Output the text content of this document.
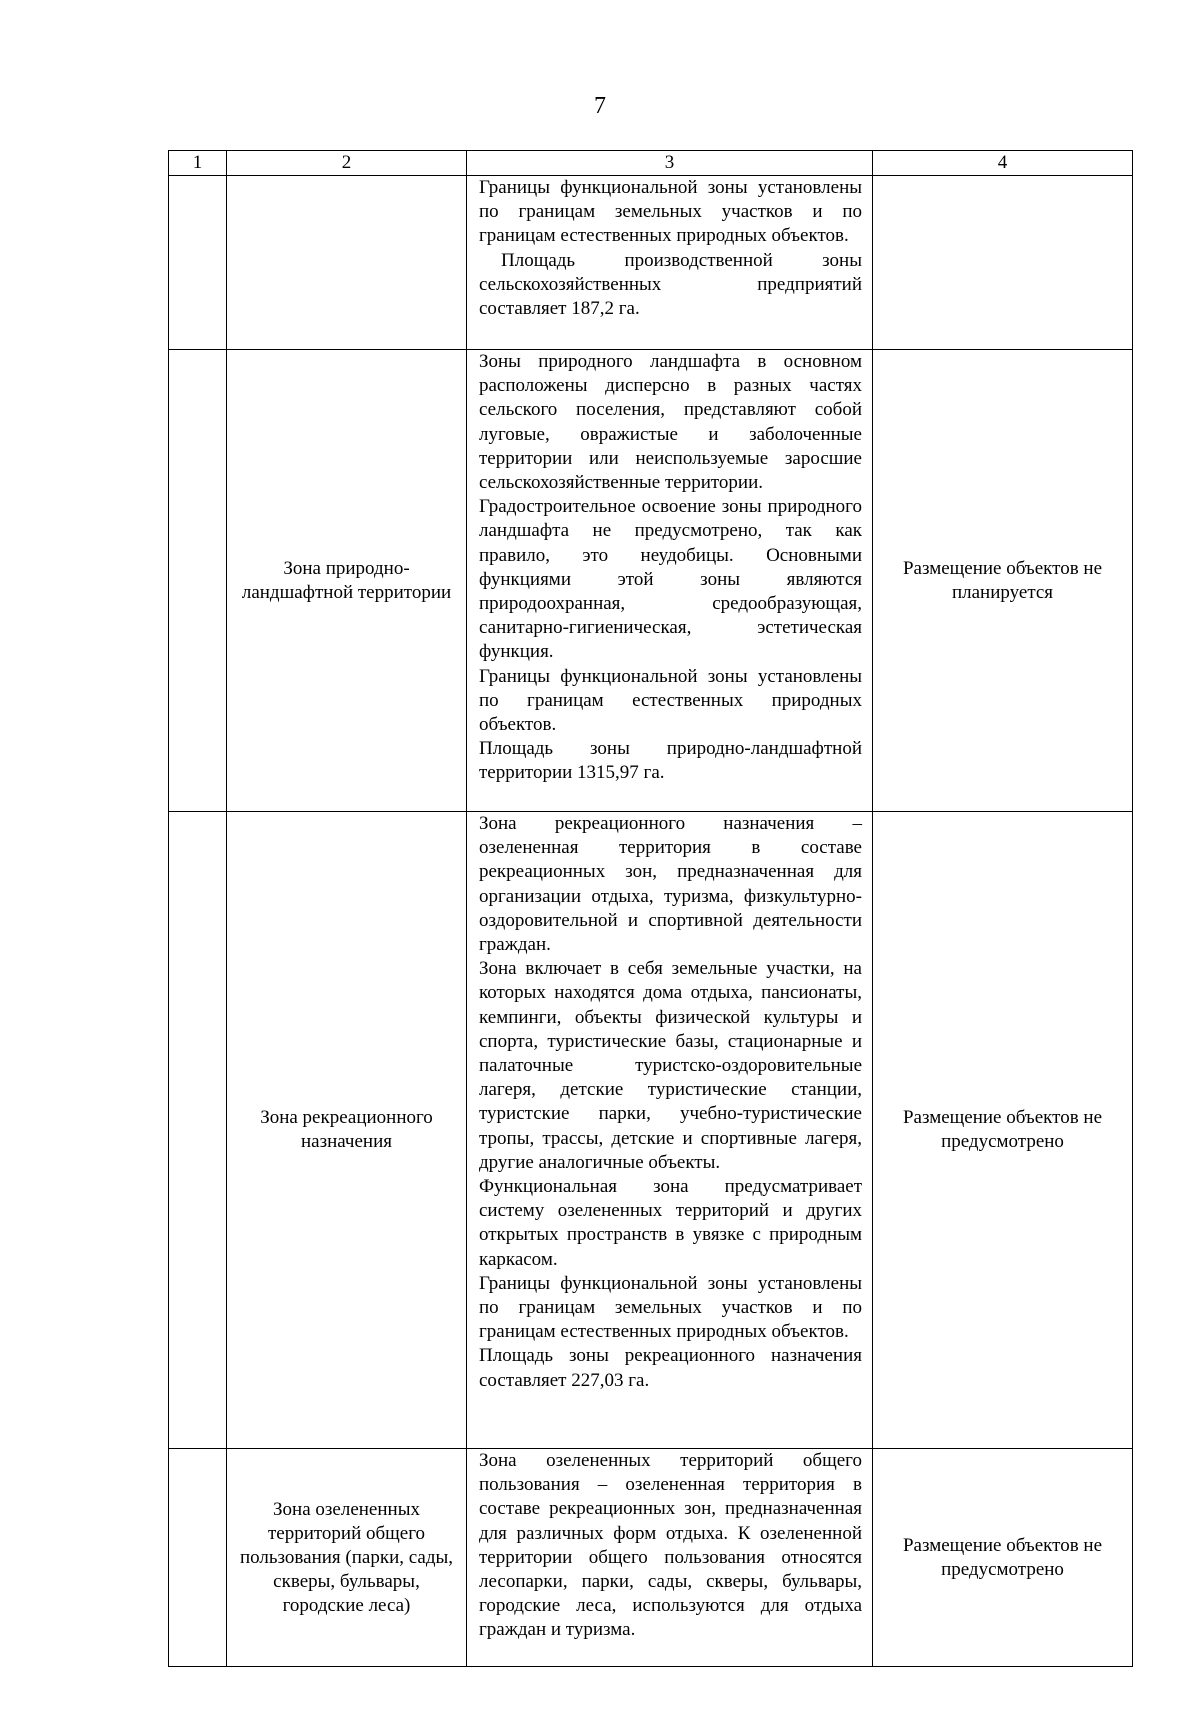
7
1	2	3	4

		Границы функциональной зоны установлены по границам земельных участков и по границам естественных природных объектов.

Площадь производственной зоны сельскохозяйственных предприятий составляет 187,2 га.	

	Зона природно-ландшафтной территории	Зоны природного ландшафта в основном расположены дисперсно в разных частях сельского поселения, представляют собой луговые, овражистые и заболоченные территории или неиспользуемые заросшие сельскохозяйственные территории.

Градостроительное освоение зоны природного ландшафта не предусмотрено, так как правило, это неудобицы. Основными функциями этой зоны являются природоохранная, средообразующая, санитарно-гигиеническая, эстетическая функция.

Границы функциональной зоны установлены по границам естественных природных объектов.

Площадь зоны природно-ландшафтной территории 1315,97 га.	Размещение объектов не планируется
	Зона рекреационного назначения	Зона рекреационного назначения – озелененная территория в составе рекреационных зон, предназначенная для организации отдыха, туризма, физкультурно-оздоровительной и спортивной деятельности граждан.

Зона включает в себя земельные участки, на которых находятся дома отдыха, пансионаты, кемпинги, объекты физической культуры и спорта, туристические базы, стационарные и палаточные туристско-оздоровительные лагеря, детские туристические станции, туристские парки, учебно-туристические тропы, трассы, детские и спортивные лагеря, другие аналогичные объекты.

Функциональная зона предусматривает систему озелененных территорий и других открытых пространств в увязке с природным каркасом.

Границы функциональной зоны установлены по границам земельных участков и по границам естественных природных объектов.

Площадь зоны рекреационного назначения составляет 227,03 га.	Размещение объектов не предусмотрено
	Зона озелененных территорий общего пользования (парки, сады, скверы, бульвары, городские леса)	Зона озелененных территорий общего пользования – озелененная территория в составе рекреационных зон, предназначенная для различных форм отдыха. К озелененной территории общего пользования относятся лесопарки, парки, сады, скверы, бульвары, городские леса, используются для отдыха граждан и туризма.	Размещение объектов не предусмотрено
